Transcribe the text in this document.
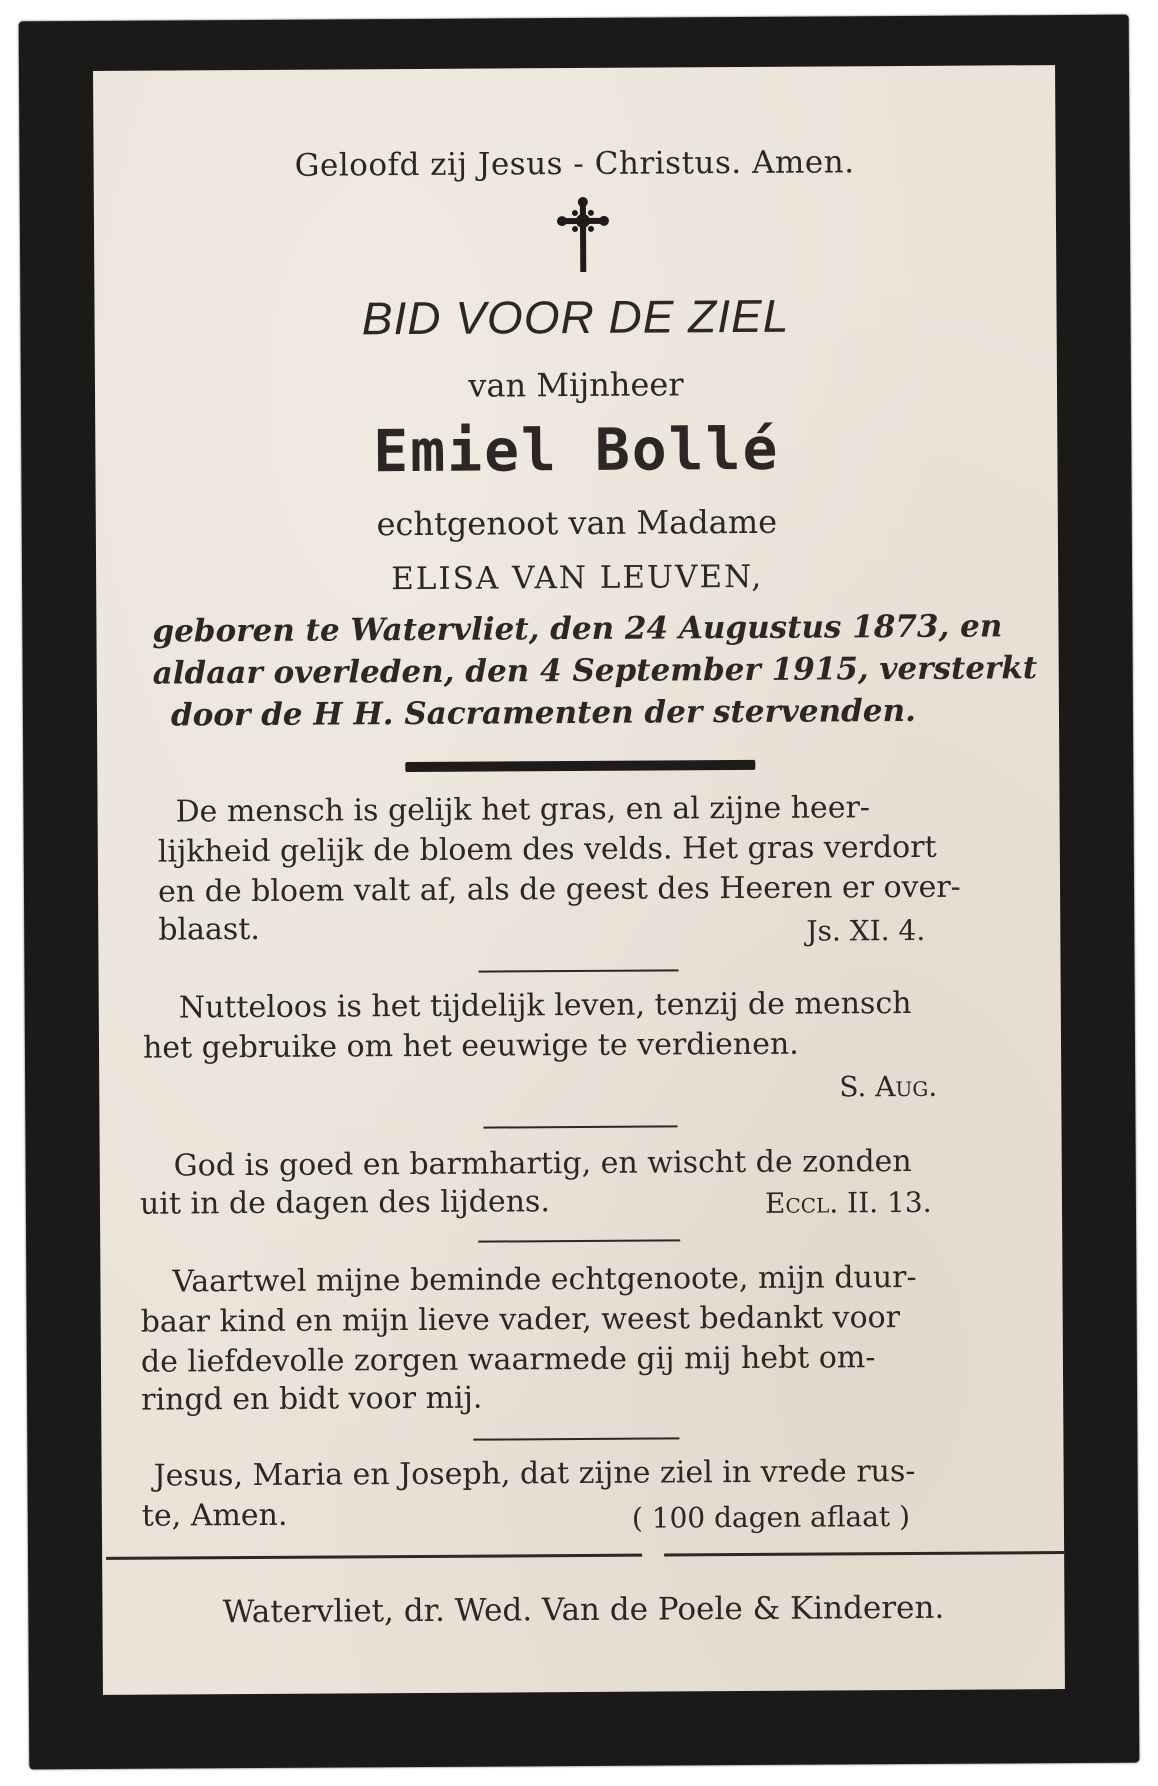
Geloofd zij Jesus - Christus. Amen.
BID VOOR DE ZIEL
van Mijnheer
Emiel Bollé
echtgenoot van Madame
ELISA VAN LEUVEN,
geboren te Watervliet, den 24 Augustus 1873, en
aldaar overleden, den 4 September 1915, versterkt
door de H H. Sacramenten der stervenden.
De mensch is gelijk het gras, en al zijne heer-
lijkheid gelijk de bloem des velds. Het gras verdort
en de bloem valt af, als de geest des Heeren er over-
blaast.	Js. XI. 4.
Nutteloos is het tijdelijk leven, tenzij de mensch
het gebruike om het eeuwige te verdienen.
S. Aug.
God is goed en barmhartig, en wischt de zonden
uit in de dagen des lijdens.	Eccl. II. 13.
Vaartwel mijne beminde echtgenoote, mijn duur-
baar kind en mijn lieve vader, weest bedankt voor
de liefdevolle zorgen waarmede gij mij hebt om-
ringd en bidt voor mij.
Jesus, Maria en Joseph, dat zijne ziel in vrede rus-
te, Amen.	( 100 dagen aflaat )
Watervliet, dr. Wed. Van de Poele & Kinderen.
